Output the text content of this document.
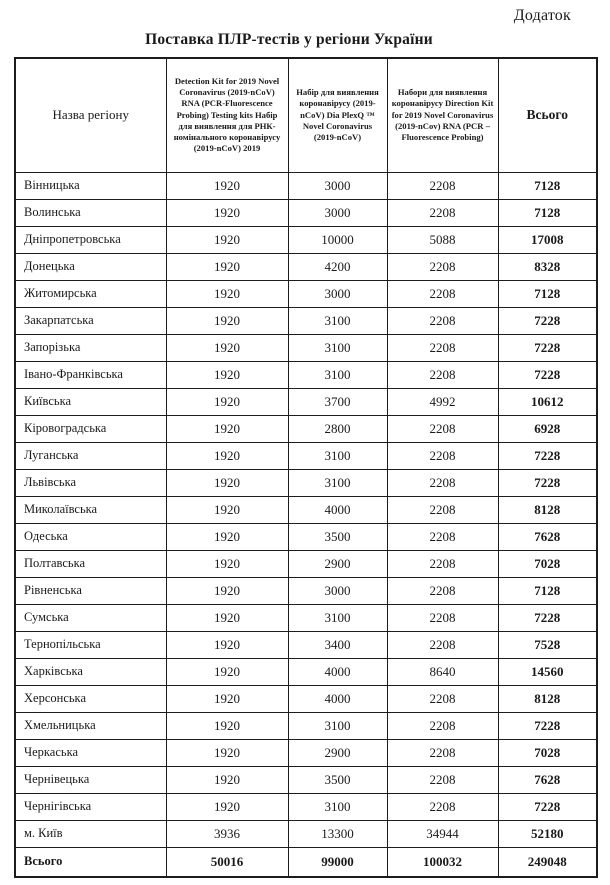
Додаток
Поставка ПЛР-тестів у регіони України
Назва регіону	Detection Kit for 2019 Novel Coronavirus (2019-nCoV) RNA (PCR-Fluorescence Probing) Testing kits Набір для виявлення для РНК-номінального коронавірусу (2019-nCoV) 2019	Набір для виявлення коронавірусу (2019-nCoV) Dia PlexQ ™ Novel Coronavirus (2019-nCoV)	Набори для виявлення коронавірусу Direction Kit for 2019 Novel Coronavirus (2019-nCov) RNA (PCR – Fluorescence Probing)	Всього
Вінницька	1920	3000	2208	7128
Волинська	1920	3000	2208	7128
Дніпропетровська	1920	10000	5088	17008
Донецька	1920	4200	2208	8328
Житомирська	1920	3000	2208	7128
Закарпатська	1920	3100	2208	7228
Запорізька	1920	3100	2208	7228
Івано-Франківська	1920	3100	2208	7228
Київська	1920	3700	4992	10612
Кіровоградська	1920	2800	2208	6928
Луганська	1920	3100	2208	7228
Львівська	1920	3100	2208	7228
Миколаївська	1920	4000	2208	8128
Одеська	1920	3500	2208	7628
Полтавська	1920	2900	2208	7028
Рівненська	1920	3000	2208	7128
Сумська	1920	3100	2208	7228
Тернопільська	1920	3400	2208	7528
Харківська	1920	4000	8640	14560
Херсонська	1920	4000	2208	8128
Хмельницька	1920	3100	2208	7228
Черкаська	1920	2900	2208	7028
Чернівецька	1920	3500	2208	7628
Чернігівська	1920	3100	2208	7228
м. Київ	3936	13300	34944	52180
Всього	50016	99000	100032	249048
